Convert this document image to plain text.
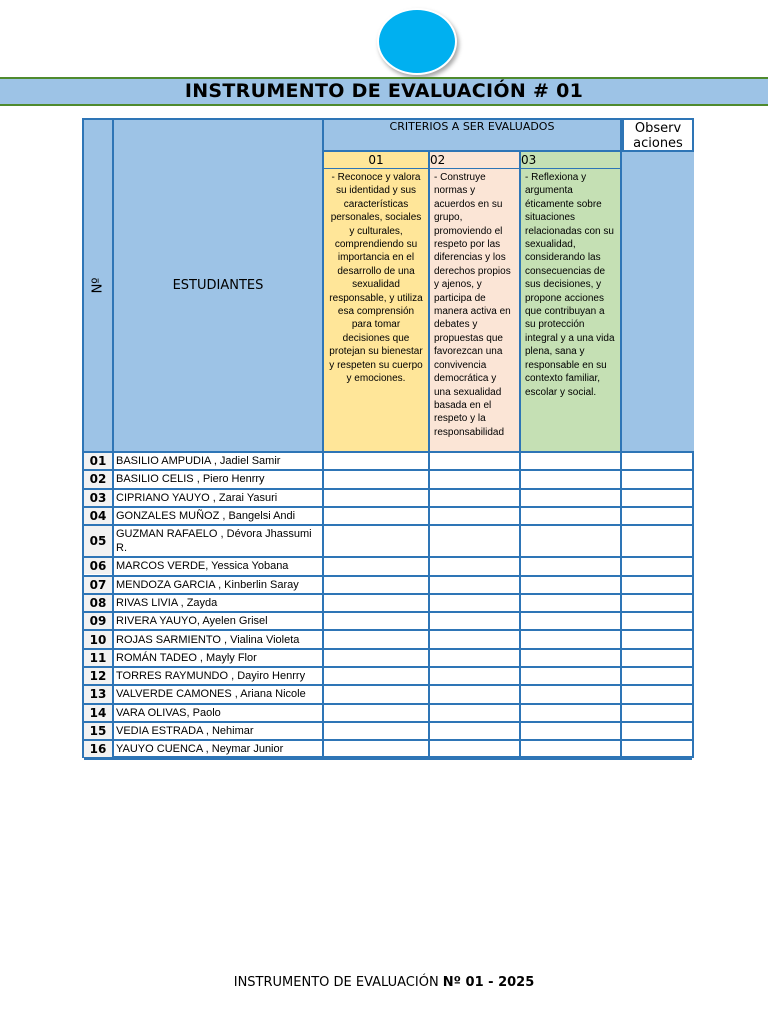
INSTRUMENTO DE EVALUACIÓN # 01
Nº	ESTUDIANTES
CRITERIOS A SER EVALUADOS	Observ aciones
01	02	03
- Reconoce y valora su identidad y sus características personales, sociales y culturales, comprendiendo su importancia en el desarrollo de una sexualidad responsable, y utiliza esa comprensión para tomar decisiones que protejan su bienestar y respeten su cuerpo y emociones.
- Construye normas y acuerdos en su grupo, promoviendo el respeto por las diferencias y los derechos propios y ajenos, y participa de manera activa en debates y propuestas que favorezcan una convivencia democrática y una sexualidad basada en el respeto y la responsabilidad
- Reflexiona y argumenta éticamente sobre situaciones relacionadas con su sexualidad, considerando las consecuencias de sus decisiones, y propone acciones que contribuyan a su protección integral y a una vida plena, sana y responsable en su contexto familiar, escolar y social.
01 BASILIO AMPUDIA , Jadiel Samir
02 BASILIO CELIS , Piero Henrry
03 CIPRIANO YAUYO , Zarai Yasuri
04 GONZALES MUÑOZ , Bangelsi Andi
05 GUZMAN RAFAELO , Dévora Jhassumi R.
06 MARCOS VERDE, Yessica Yobana
07 MENDOZA GARCIA , Kinberlin Saray
08 RIVAS LIVIA , Zayda
09 RIVERA YAUYO, Ayelen Grisel
10 ROJAS SARMIENTO , Vialina Violeta
11 ROMÁN TADEO , Mayly Flor
12 TORRES RAYMUNDO , Dayiro Henrry
13 VALVERDE CAMONES , Ariana Nicole
14 VARA OLIVAS, Paolo
15 VEDIA ESTRADA , Nehimar
16 YAUYO CUENCA , Neymar Junior
INSTRUMENTO DE EVALUACIÓN Nº 01 - 2025
